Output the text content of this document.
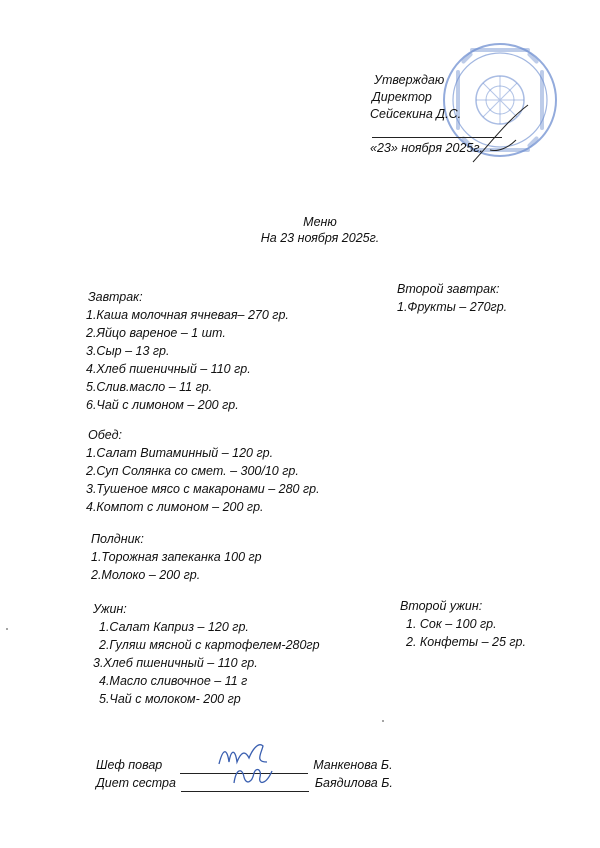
Утверждаю
Директор
Сейсекина Д.С.
«23» ноября 2025г.
Меню
На 23 ноября 2025г.
Завтрак:
1.Каша молочная ячневая– 270 гр.
2.Яйцо вареное – 1 шт.
3.Сыр – 13 гр.
4.Хлеб пшеничный – 110 гр.
5.Слив.масло – 11 гр.
6.Чай с лимоном – 200 гр.
Второй завтрак:
1.Фрукты – 270гр.
Обед:
1.Салат Витаминный – 120 гр.
2.Суп Солянка со смет. – 300/10 гр.
3.Тушеное мясо с макаронами – 280 гр.
4.Компот с лимоном – 200 гр.
Полдник:
1.Торожная запеканка 100 гр
2.Молоко – 200 гр.
Ужин:
1.Салат Каприз – 120 гр.
2.Гуляш мясной с картофелем-280гр
3.Хлеб пшеничный – 110 гр.
4.Масло сливочное – 11 г
5.Чай с молоком- 200 гр
Второй ужин:
1. Сок – 100 гр.
2. Конфеты – 25 гр.
Шеф повар	Манкенова Б.
Диет сестра	Баядилова Б.
